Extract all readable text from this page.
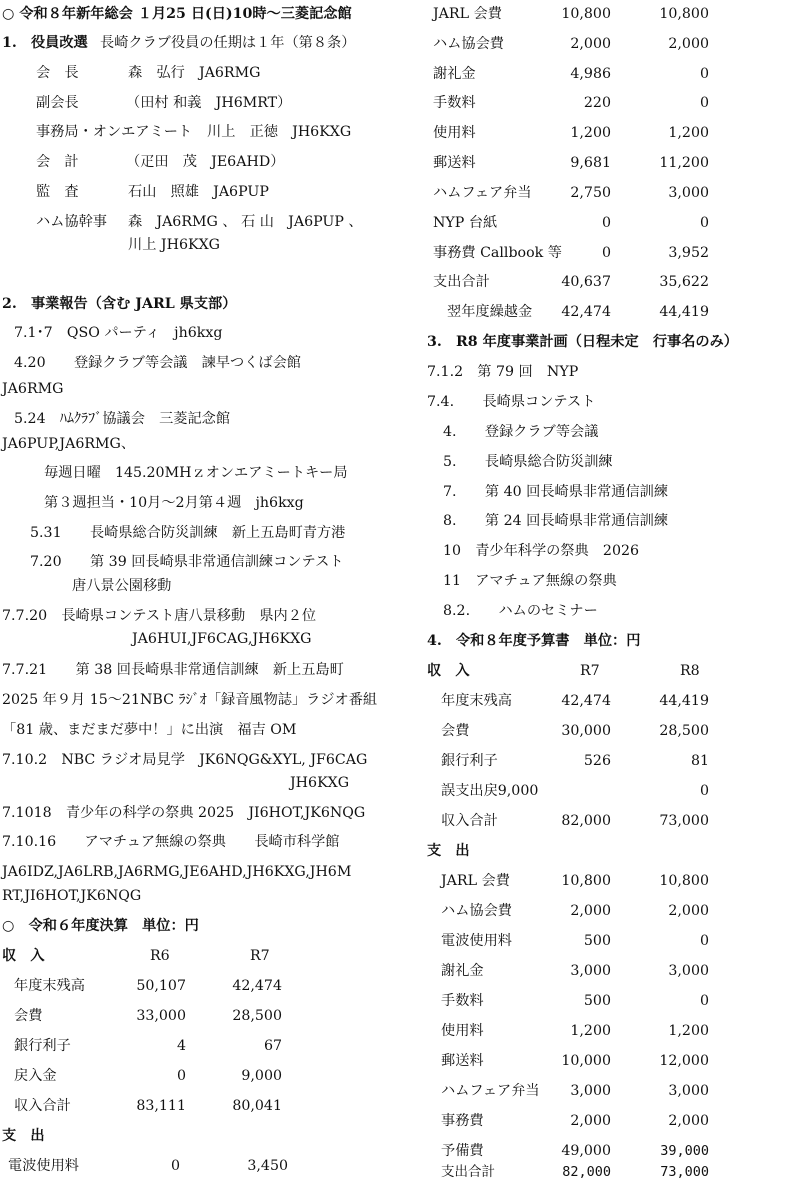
○ 令和８年新年総会 １月25 日(日)10時～三菱記念館
1.　役員改選 長崎クラブ役員の任期は１年（第８条）
会　長	森　弘行　JA6RMG
副会長	（田村 和義　JH6MRT）
事務局・オンエアミート 川上　正徳　JH6KXG
会　計	（疋田　茂　JE6AHD）
監　査	石山　照雄　JA6PUP
ハム協幹事 森　JA6RMG 、 石 山　JA6PUP 、
川上 JH6KXG
2.　事業報告（含む JARL 県支部）
7.1･7　QSO パーティ　jh6kxg
4.20　　登録クラブ等会議　諫早つくば会館
JA6RMG
5.24　ﾊﾑｸﾗﾌﾞ協議会　三菱記念館
JA6PUP,JA6RMG、
毎週日曜　145.20MHｚオンエアミートキー局
第３週担当・10月～2月第４週　jh6kxg
5.31　　長崎県総合防災訓練　新上五島町青方港
7.20　　第 39 回長崎県非常通信訓練コンテスト
唐八景公園移動
7.7.20　長崎県コンテスト唐八景移動　県内２位
JA6HUI,JF6CAG,JH6KXG
7.7.21　　第 38 回長崎県非常通信訓練　新上五島町
2025 年９月 15～21NBC ﾗｼﾞｵ「録音風物誌」ラジオ番組
「81 歳、まだまだ夢中！」に出演　福吉 OM
7.10.2　NBC ラジオ局見学　JK6NQG&XYL, JF6CAG
JH6KXG
7.1018　青少年の科学の祭典 2025　JI6HOT,JK6NQG
7.10.16　　アマチュア無線の祭典　　長崎市科学館
JA6IDZ,JA6LRB,JA6RMG,JE6AHD,JH6KXG,JH6M
RT,JI6HOT,JK6NQG
○　令和６年度決算　単位：円
収　入	R6	R7
年度末残高	50,107	42,474
会費	33,000	28,500
銀行利子	4	67
戻入金	0	9,000
収入合計	83,111	80,041
支　出
電波使用料	0	3,450
JARL 会費	10,800	10,800
ハム協会費	2,000	2,000
謝礼金	4,986	0
手数料	220	0
使用料	1,200	1,200
郵送料	9,681	11,200
ハムフェア弁当	2,750	3,000
NYP 台紙	0	0
事務費 Callbook 等	0	3,952
支出合計	40,637	35,622
翌年度繰越金	42,474	44,419
3.　R8 年度事業計画（日程未定　行事名のみ）
7.1.2　第 79 回　NYP
7.4.　　長崎県コンテスト
4.　　登録クラブ等会議
5.　　長崎県総合防災訓練
7.　　第 40 回長崎県非常通信訓練
8.　　第 24 回長崎県非常通信訓練
10　青少年科学の祭典　2026
11　アマチュア無線の祭典
8.2.　　ハムのセミナー
4.　令和８年度予算書　単位：円
収　入	R7	R8
年度末残高	42,474	44,419
会費	30,000	28,500
銀行利子	526	81
誤支出戻9,000	0
収入合計	82,000	73,000
支　出
JARL 会費	10,800	10,800
ハム協会費	2,000	2,000
電波使用料	500	0
謝礼金	3,000	3,000
手数料	500	0
使用料	1,200	1,200
郵送料	10,000	12,000
ハムフェア弁当	3,000	3,000
事務費	2,000	2,000
予備費	49,000	39,000
支出合計	82,000	73,000
